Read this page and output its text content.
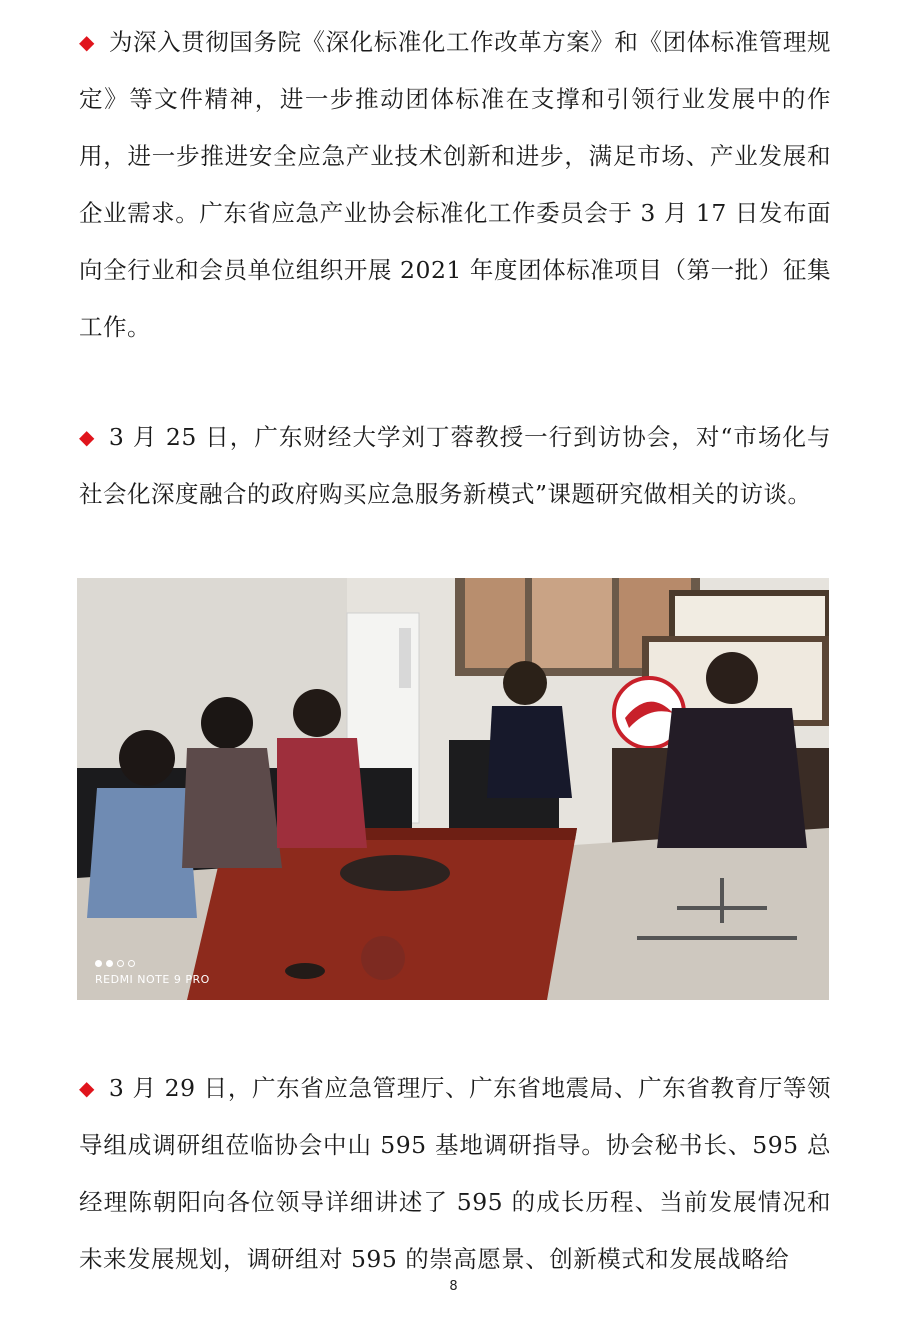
◆ 为深入贯彻国务院《深化标准化工作改革方案》和《团体标准管理规定》等文件精神，进一步推动团体标准在支撑和引领行业发展中的作用，进一步推进安全应急产业技术创新和进步，满足市场、产业发展和企业需求。广东省应急产业协会标准化工作委员会于 3 月 17 日发布面向全行业和会员单位组织开展 2021 年度团体标准项目（第一批）征集工作。
◆ 3 月 25 日，广东财经大学刘丁蓉教授一行到访协会，对“市场化与社会化深度融合的政府购买应急服务新模式”课题研究做相关的访谈。
REDMI NOTE 9 PRO
◆ 3 月 29 日，广东省应急管理厅、广东省地震局、广东省教育厅等领导组成调研组莅临协会中山 595 基地调研指导。协会秘书长、595 总经理陈朝阳向各位领导详细讲述了 595 的成长历程、当前发展情况和未来发展规划，调研组对 595 的崇高愿景、创新模式和发展战略给
8
